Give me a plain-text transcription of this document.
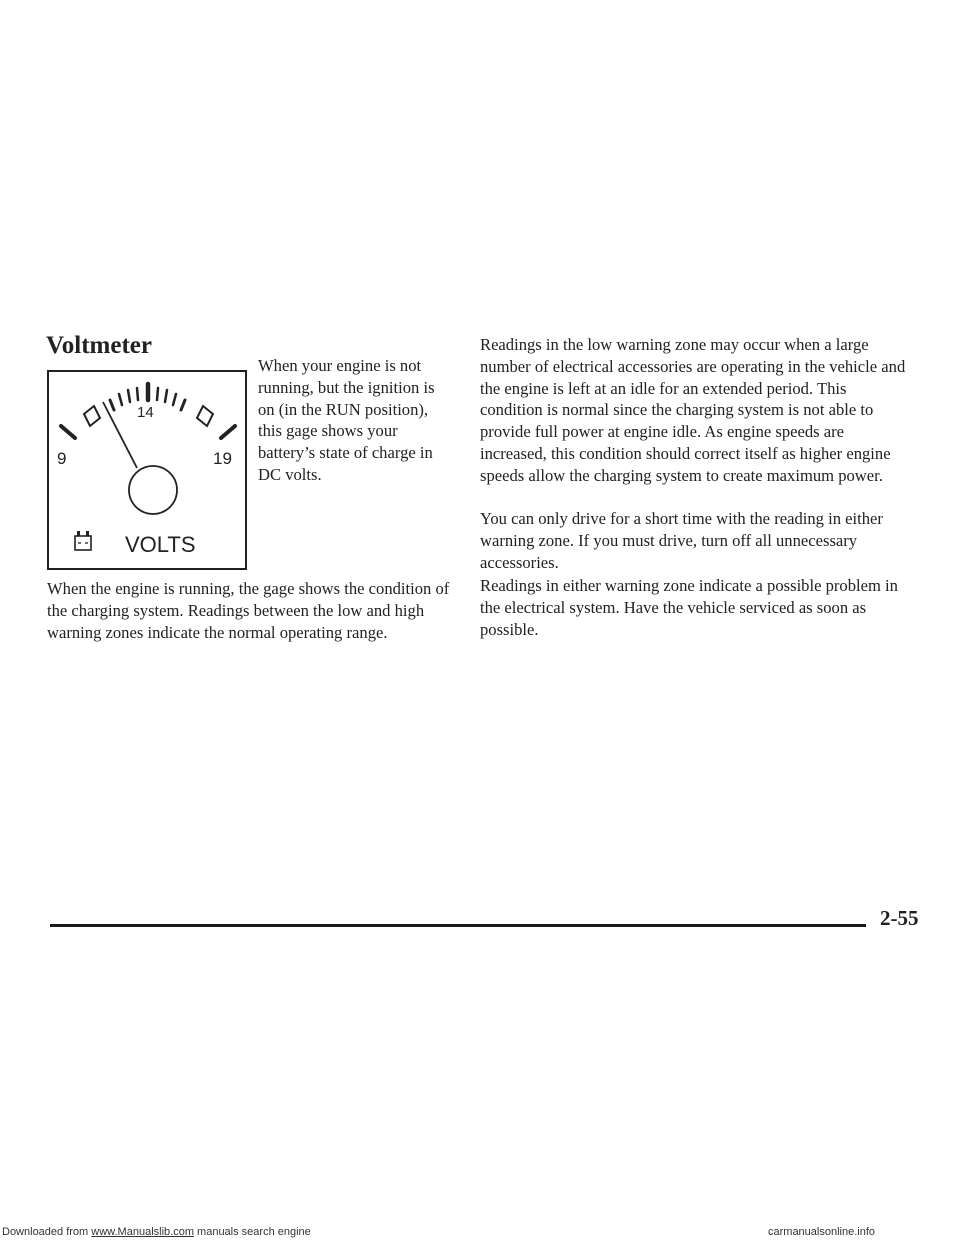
Voltmeter
14
9	19
VOLTS

When your engine is not running, but the ignition is on (in the RUN position), this gage shows your battery’s state of charge in DC volts.

When the engine is running, the gage shows the condition of the charging system. Readings between the low and high warning zones indicate the normal operating range.

Readings in the low warning zone may occur when a large number of electrical accessories are operating in the vehicle and the engine is left at an idle for an extended period. This condition is normal since the charging system is not able to provide full power at engine idle. As engine speeds are increased, this condition should correct itself as higher engine speeds allow the charging system to create maximum power.

You can only drive for a short time with the reading in either warning zone. If you must drive, turn off all unnecessary accessories.

Readings in either warning zone indicate a possible problem in the electrical system. Have the vehicle serviced as soon as possible.

2-55
Downloaded from www.Manualslib.com manuals search engine	carmanualsonline.info
